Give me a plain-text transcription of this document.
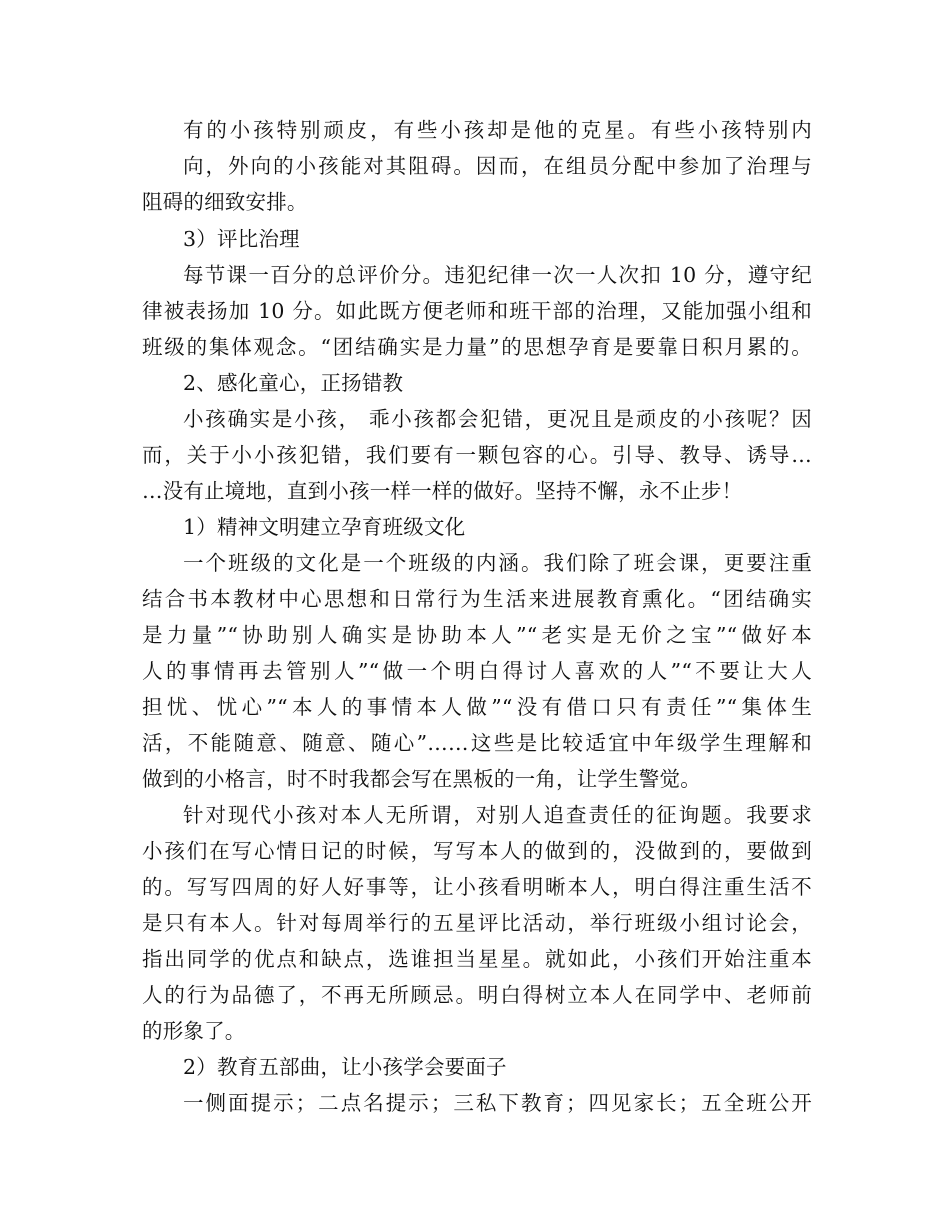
有的小孩特别顽皮，有些小孩却是他的克星。有些小孩特别内
向，外向的小孩能对其阻碍。因而，在组员分配中参加了治理与
阻碍的细致安排。
3）评比治理
每节课一百分的总评价分。违犯纪律一次一人次扣 10 分，遵守纪
律被表扬加 10 分。如此既方便老师和班干部的治理，又能加强小组和
班级的集体观念。“团结确实是力量”的思想孕育是要靠日积月累的。
2、感化童心，正扬错教
小孩确实是小孩， 乖小孩都会犯错，更况且是顽皮的小孩呢？因
而，关于小小孩犯错，我们要有一颗包容的心。引导、教导、诱导…
…没有止境地，直到小孩一样一样的做好。坚持不懈，永不止步！
1）精神文明建立孕育班级文化
一个班级的文化是一个班级的内涵。我们除了班会课，更要注重
结合书本教材中心思想和日常行为生活来进展教育熏化。“团结确实
是力量”“协助别人确实是协助本人”“老实是无价之宝”“做好本
人的事情再去管别人”“做一个明白得讨人喜欢的人”“不要让大人
担忧、忧心”“本人的事情本人做”“没有借口只有责任”“集体生
活，不能随意、随意、随心”……这些是比较适宜中年级学生理解和
做到的小格言，时不时我都会写在黑板的一角，让学生警觉。
针对现代小孩对本人无所谓，对别人追查责任的征询题。我要求
小孩们在写心情日记的时候，写写本人的做到的，没做到的，要做到
的。写写四周的好人好事等，让小孩看明晰本人，明白得注重生活不
是只有本人。针对每周举行的五星评比活动，举行班级小组讨论会，
指出同学的优点和缺点，选谁担当星星。就如此，小孩们开始注重本
人的行为品德了，不再无所顾忌。明白得树立本人在同学中、老师前
的形象了。
2）教育五部曲，让小孩学会要面子
一侧面提示；二点名提示；三私下教育；四见家长；五全班公开
